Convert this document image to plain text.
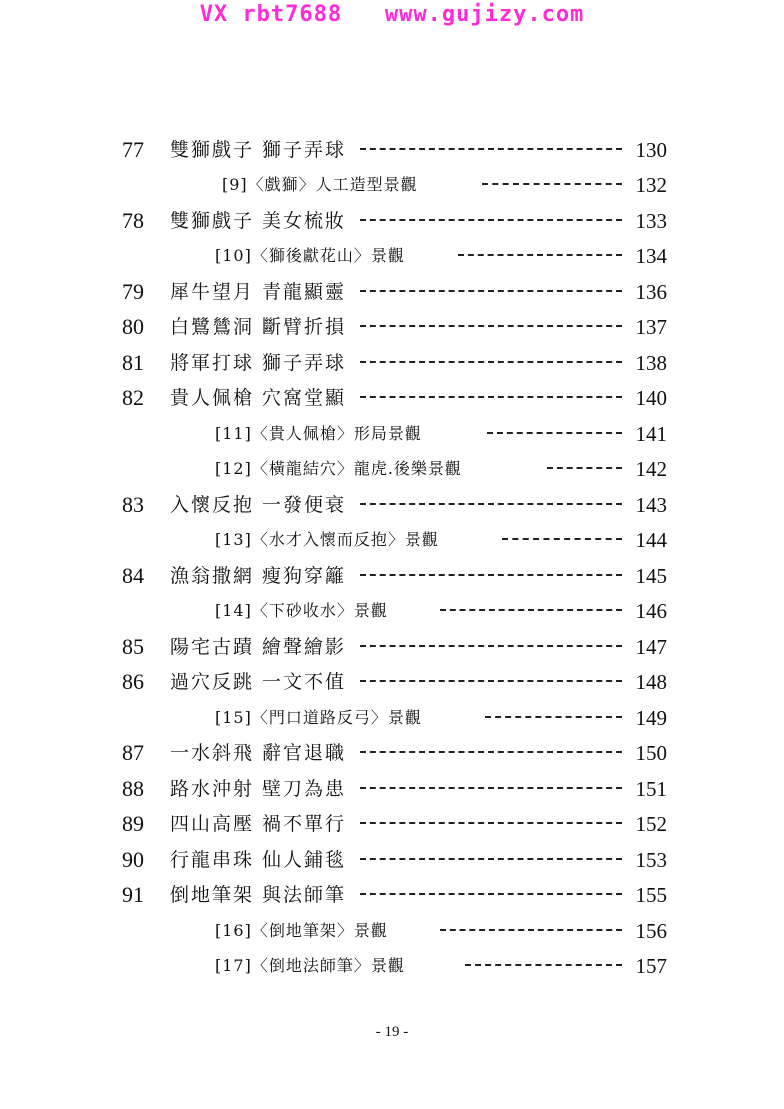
VX rbt7688   www.gujizy.com
77	雙獅戲子 獅子弄球	130
[9]〈戲獅〉人工造型景觀	132
78	雙獅戲子 美女梳妝	133
[10]〈獅後獻花山〉景觀	134
79	犀牛望月 青龍顯靈	136
80	白鷺鷥洞 斷臂折損	137
81	將軍打球 獅子弄球	138
82	貴人佩槍 穴窩堂顯	140
[11]〈貴人佩槍〉形局景觀	141
[12]〈橫龍結穴〉龍虎.後樂景觀	142
83	入懷反抱 一發便衰	143
[13]〈水才入懷而反抱〉景觀	144
84	漁翁撒網 瘦狗穿籬	145
[14]〈下砂收水〉景觀	146
85	陽宅古蹟 繪聲繪影	147
86	過穴反跳 一文不值	148
[15]〈門口道路反弓〉景觀	149
87	一水斜飛 辭官退職	150
88	路水沖射 壁刀為患	151
89	四山高壓 禍不單行	152
90	行龍串珠 仙人鋪毯	153
91	倒地筆架 與法師筆	155
[16]〈倒地筆架〉景觀	156
[17]〈倒地法師筆〉景觀	157
- 19 -
